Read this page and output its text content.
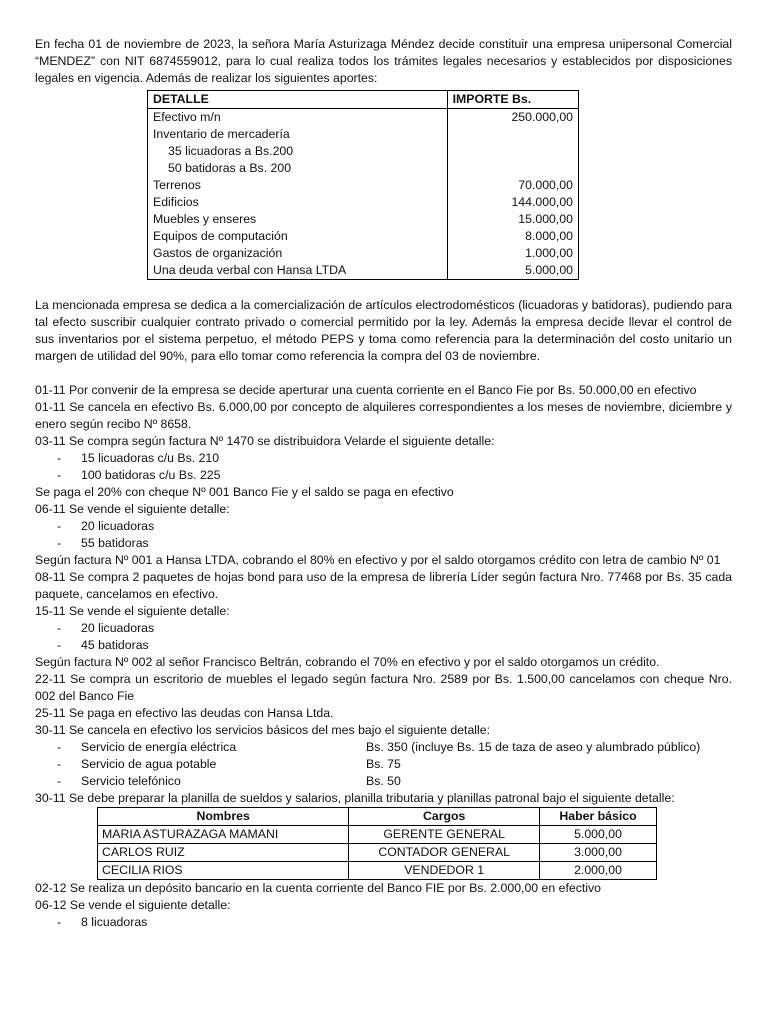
En fecha 01 de noviembre de 2023, la señora María Asturizaga Méndez decide constituir una empresa unipersonal Comercial “MENDEZ” con NIT 6874559012, para lo cual realiza todos los trámites legales necesarios y establecidos por disposiciones legales en vigencia. Además de realizar los siguientes aportes:

DETALLE	IMPORTE Bs.
Efectivo m/n	250.000,00
Inventario de mercadería	
35 licuadoras a Bs.200	
50 batidoras a Bs. 200	
Terrenos	70.000,00
Edificios	144.000,00
Muebles y enseres	15.000,00
Equipos de computación	8.000,00
Gastos de organización	1.000,00
Una deuda verbal con Hansa LTDA	5.000,00

La mencionada empresa se dedica a la comercialización de artículos electrodomésticos (licuadoras y batidoras), pudiendo para tal efecto suscribir cualquier contrato privado o comercial permitido por la ley. Además la empresa decide llevar el control de sus inventarios por el sistema perpetuo, el método PEPS y toma como referencia para la determinación del costo unitario un margen de utilidad del 90%, para ello tomar como referencia la compra del 03 de noviembre.

01-11 Por convenir de la empresa se decide aperturar una cuenta corriente en el Banco Fie por Bs. 50.000,00 en efectivo

01-11 Se cancela en efectivo Bs. 6.000,00 por concepto de alquileres correspondientes a los meses de noviembre, diciembre y enero según recibo Nº 8658.

03-11 Se compra según factura Nº 1470 se distribuidora Velarde el siguiente detalle:

-	15 licuadoras c/u Bs. 210
-	100 batidoras c/u Bs. 225

Se paga el 20% con cheque Nº 001 Banco Fie y el saldo se paga en efectivo

06-11 Se vende el siguiente detalle:

-	20 licuadoras
-	55 batidoras

Según factura Nº 001 a Hansa LTDA, cobrando el 80% en efectivo y por el saldo otorgamos crédito con letra de cambio Nº 01

08-11 Se compra 2 paquetes de hojas bond para uso de la empresa de librería Líder según factura Nro. 77468 por Bs. 35 cada paquete, cancelamos en efectivo.

15-11 Se vende el siguiente detalle:

-	20 licuadoras
-	45 batidoras

Según factura Nº 002 al señor Francisco Beltrán, cobrando el 70% en efectivo y por el saldo otorgamos un crédito.

22-11 Se compra un escritorio de muebles el legado según factura Nro. 2589 por Bs. 1.500,00 cancelamos con cheque Nro. 002 del Banco Fie

25-11 Se paga en efectivo las deudas con Hansa Ltda.

30-11 Se cancela en efectivo los servicios básicos del mes bajo el siguiente detalle:

-	Servicio de energía eléctrica	Bs. 350 (incluye Bs. 15 de taza de aseo y alumbrado público)
-	Servicio de agua potable	Bs. 75
-	Servicio telefónico	Bs. 50

30-11 Se debe preparar la planilla de sueldos y salarios, planilla tributaria y planillas patronal bajo el siguiente detalle:

Nombres	Cargos	Haber básico
MARIA ASTURAZAGA MAMANI	GERENTE GENERAL	5.000,00
CARLOS RUIZ	CONTADOR GENERAL	3.000,00
CECILIA RIOS	VENDEDOR 1	2.000,00

02-12 Se realiza un depósito bancario en la cuenta corriente del Banco FIE por Bs. 2.000,00 en efectivo

06-12 Se vende el siguiente detalle:

-	8 licuadoras
